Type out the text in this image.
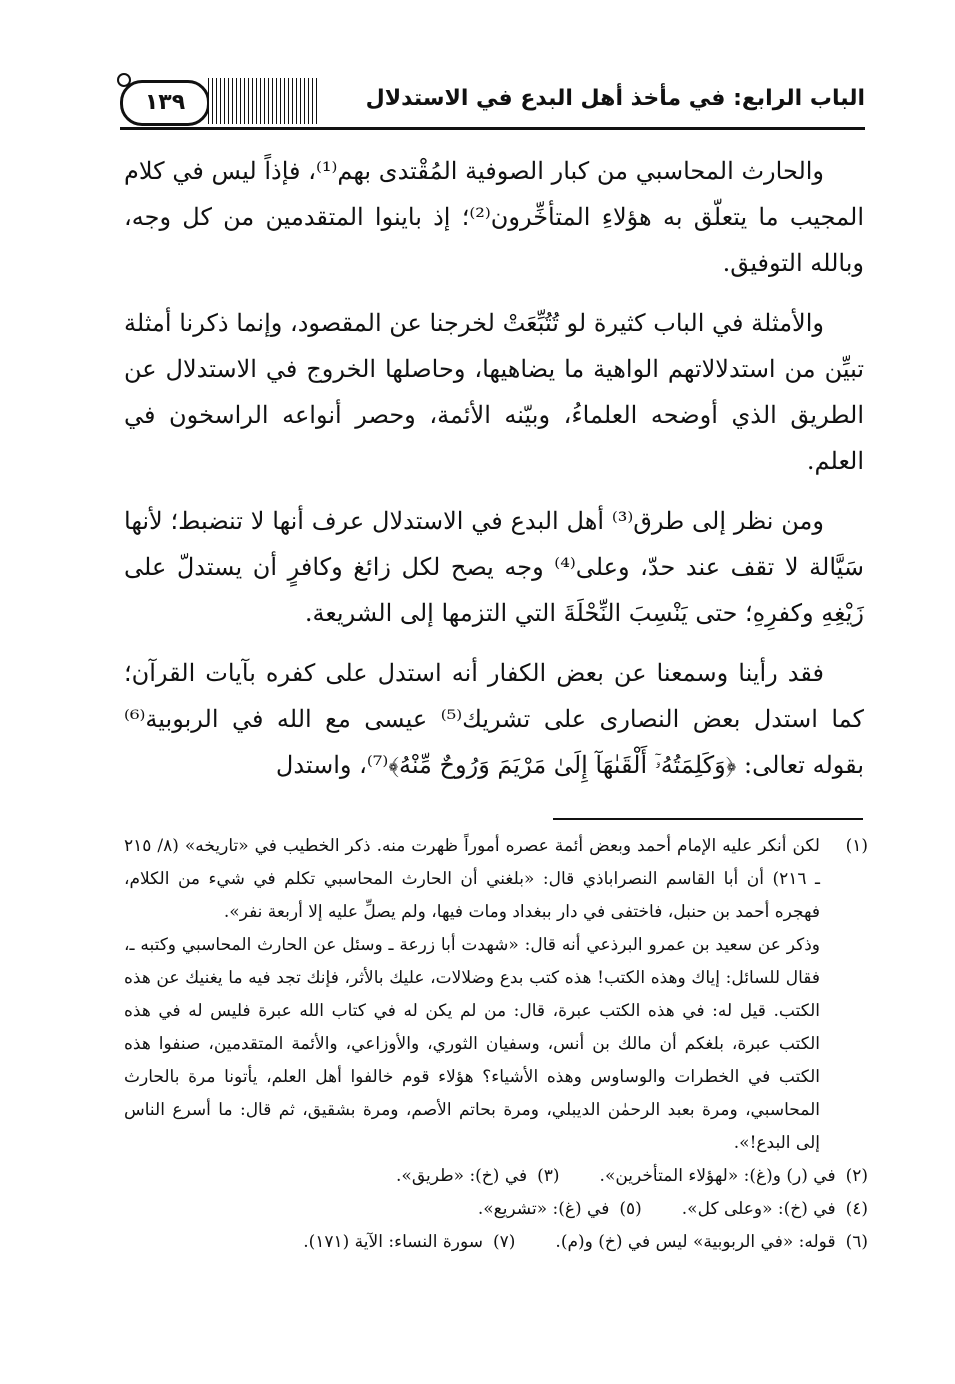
١٣٩	الباب الرابع: في مأخذ أهل البدع في الاستدلال

والحارث المحاسبي من كبار الصوفية المُقْتدى بهم⁽¹⁾، فإذاً ليس في كلام المجيب ما يتعلّق به هؤلاءِ المتأخِّرون⁽²⁾؛ إذ باينوا المتقدمين من كل وجه، وبالله التوفيق.

والأمثلة في الباب كثيرة لو تُتُبِّعَتْ لخرجنا عن المقصود، وإنما ذكرنا أمثلة تبيِّن من استدلالاتهم الواهية ما يضاهيها، وحاصلها الخروج في الاستدلال عن الطريق الذي أوضحه العلماءُ، وبيّنه الأئمة، وحصر أنواعه الراسخون في العلم.

ومن نظر إلى طرق⁽³⁾ أهل البدع في الاستدلال عرف أنها لا تنضبط؛ لأنها سَيَّالة لا تقف عند حدّ، وعلى⁽⁴⁾ وجه يصح لكل زائغ وكافرٍ أن يستدلّ على زَيْغِهِ وكفرِهِ؛ حتى يَنْسِبَ النِّحْلَةَ التي التزمها إلى الشريعة.

فقد رأينا وسمعنا عن بعض الكفار أنه استدل على كفره بآيات القرآن؛ كما استدل بعض النصارى على تشريك⁽⁵⁾ عيسى مع الله في الربوبية⁽⁶⁾ بقوله تعالى: ﴿وَكَلِمَتُهُۥٓ أَلْقَىٰهَآ إِلَىٰ مَرْيَمَ وَرُوحٌ مِّنْهُ﴾⁽⁷⁾، واستدل

(١)
لكن أنكر عليه الإمام أحمد وبعض أئمة عصره أموراً ظهرت منه. ذكر الخطيب في «تاريخه» (٨/ ٢١٥ ـ ٢١٦) أن أبا القاسم النصراباذي قال: «بلغني أن الحارث المحاسبي تكلم في شيء من الكلام، فهجره أحمد بن حنبل، فاختفى في دار ببغداد ومات فيها، ولم يصلِّ عليه إلا أربعة نفر».
وذكر عن سعيد بن عمرو البرذعي أنه قال: «شهدت أبا زرعة ـ وسئل عن الحارث المحاسبي وكتبه ـ، فقال للسائل: إياك وهذه الكتب! هذه كتب بدع وضلالات، عليك بالأثر، فإنك تجد فيه ما يغنيك عن هذه الكتب. قيل له: في هذه الكتب عبرة، قال: من لم يكن له في كتاب الله عبرة فليس له في هذه الكتب عبرة، بلغكم أن مالك بن أنس، وسفيان الثوري، والأوزاعي، والأئمة المتقدمين، صنفوا هذه الكتب في الخطرات والوساوس وهذه الأشياء؟ هؤلاء قوم خالفوا أهل العلم، يأتونا مرة بالحارث المحاسبي، ومرة بعبد الرحمٰن الديبلي، ومرة بحاتم الأصم، ومرة بشقيق، ثم قال: ما أسرع الناس إلى البدع!».
(٢)
في (ر) و(غ): «لهؤلاء المتأخرين».
(٣)
في (خ): «طريق».
(٤)
في (خ): «وعلى كل».
(٥)
في (غ): «تشريع».
(٦)
قوله: «في الربوبية» ليس في (خ) و(م).
(٧)
سورة النساء: الآية (١٧١).
